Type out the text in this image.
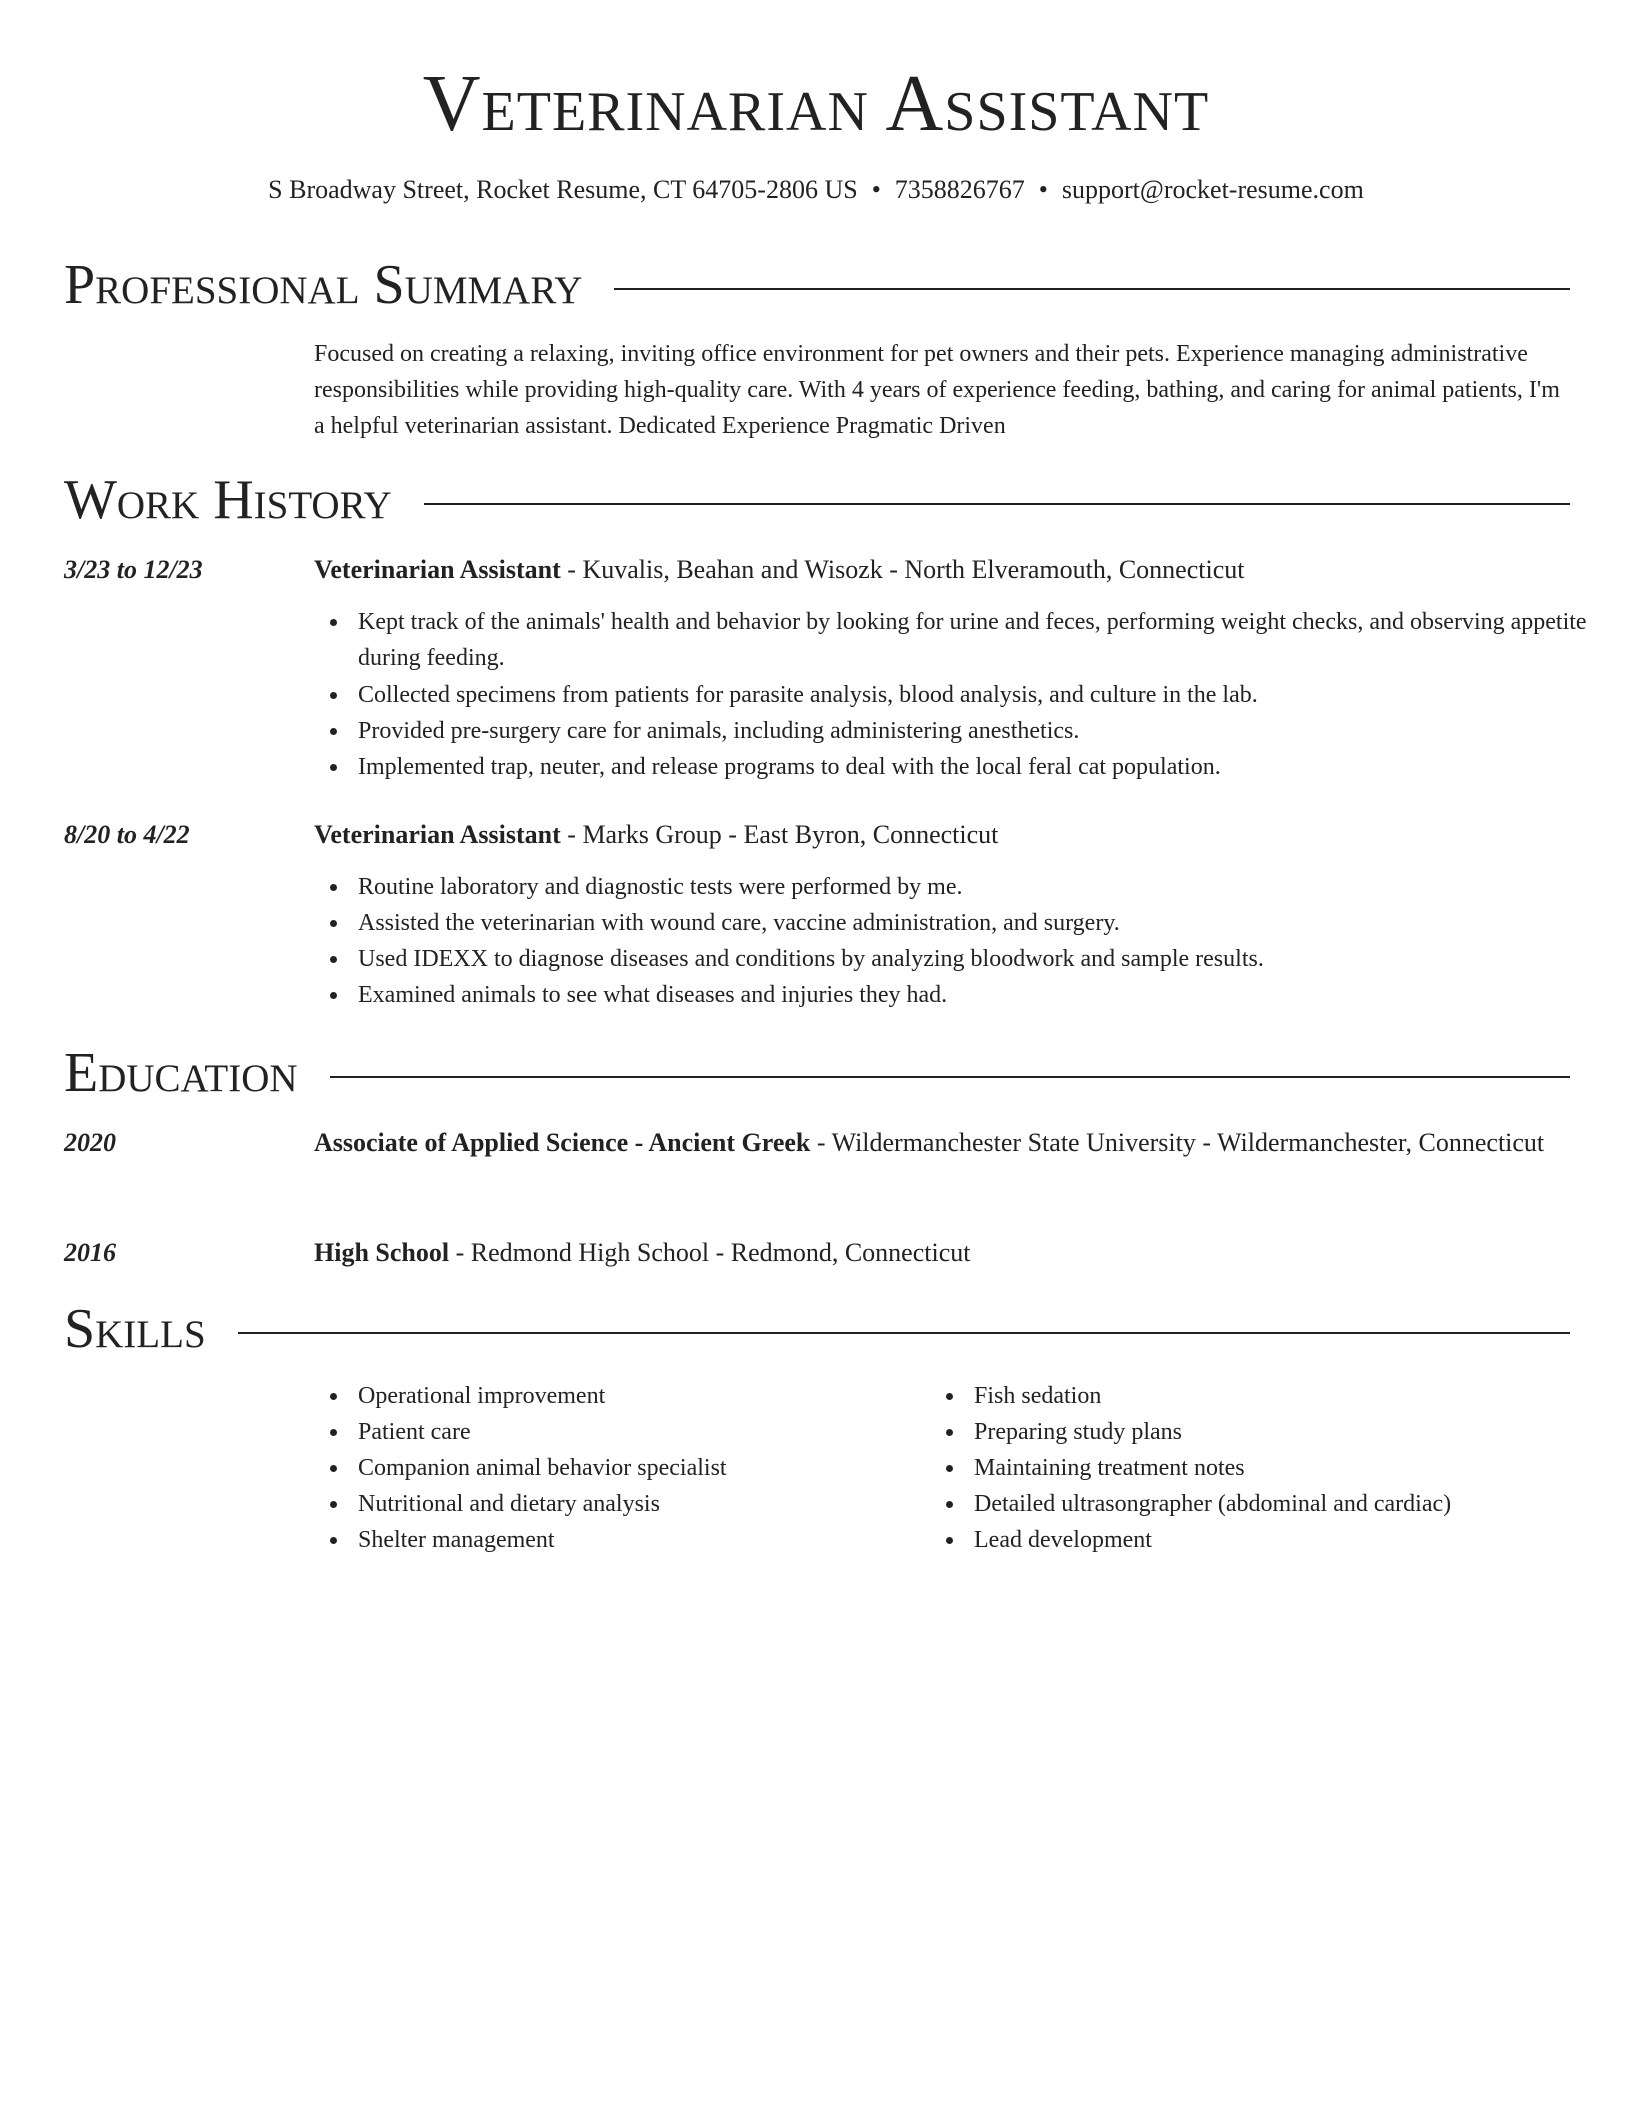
Veterinarian Assistant
S Broadway Street, Rocket Resume, CT 64705-2806 US • 7358826767 • support@rocket-resume.com
Professional Summary
Focused on creating a relaxing, inviting office environment for pet owners and their pets. Experience managing administrative responsibilities while providing high-quality care. With 4 years of experience feeding, bathing, and caring for animal patients, I'm a helpful veterinarian assistant. Dedicated Experience Pragmatic Driven
Work History
3/23 to 12/23	Veterinarian Assistant - Kuvalis, Beahan and Wisozk - North Elveramouth, Connecticut
Kept track of the animals' health and behavior by looking for urine and feces, performing weight checks, and observing appetite during feeding.
Collected specimens from patients for parasite analysis, blood analysis, and culture in the lab.
Provided pre-surgery care for animals, including administering anesthetics.
Implemented trap, neuter, and release programs to deal with the local feral cat population.
8/20 to 4/22	Veterinarian Assistant - Marks Group - East Byron, Connecticut
Routine laboratory and diagnostic tests were performed by me.
Assisted the veterinarian with wound care, vaccine administration, and surgery.
Used IDEXX to diagnose diseases and conditions by analyzing bloodwork and sample results.
Examined animals to see what diseases and injuries they had.
Education
2020	Associate of Applied Science - Ancient Greek - Wildermanchester State University - Wildermanchester, Connecticut
2016	High School - Redmond High School - Redmond, Connecticut
Skills
Operational improvement
Patient care
Companion animal behavior specialist
Nutritional and dietary analysis
Shelter management
Fish sedation
Preparing study plans
Maintaining treatment notes
Detailed ultrasongrapher (abdominal and cardiac)
Lead development
